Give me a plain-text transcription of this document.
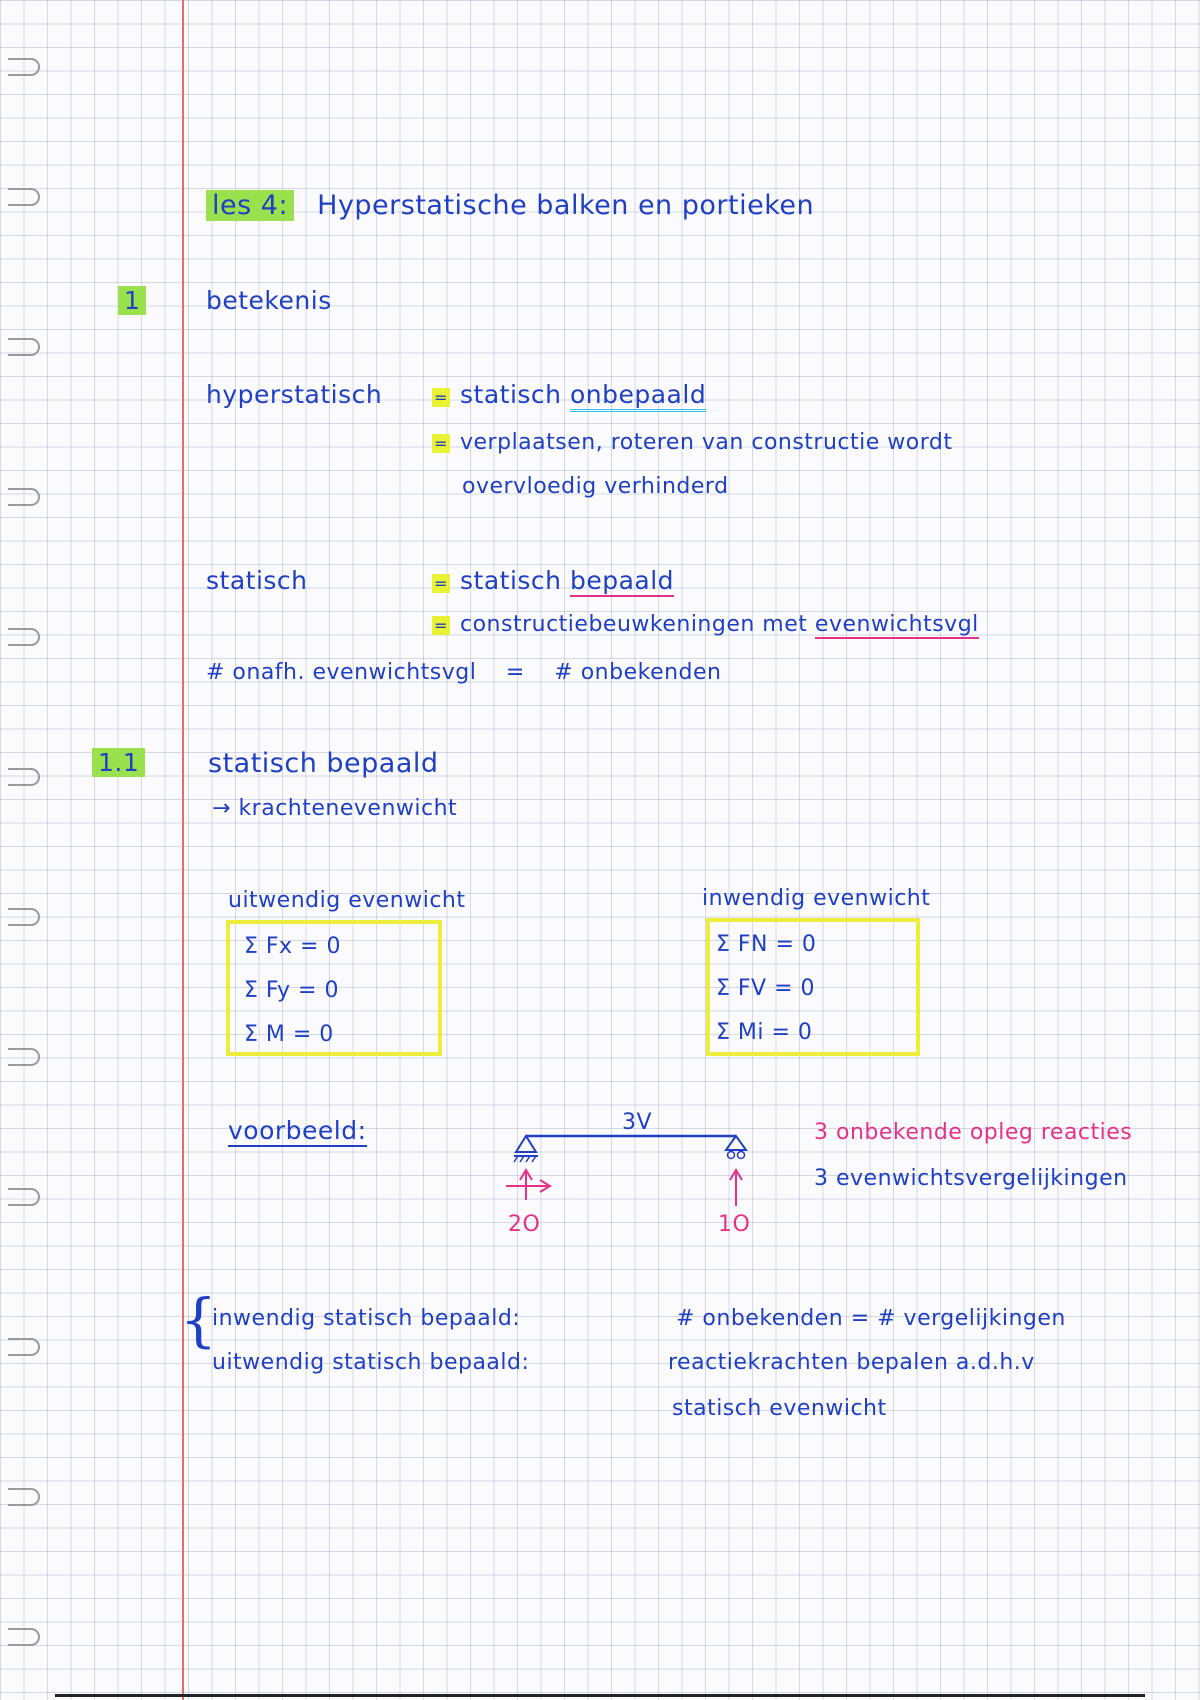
les 4: Hyperstatische balken en portieken
1	betekenis
hyperstatisch	= statisch onbepaald
= verplaatsen, roteren van constructie wordt
overvloedig verhinderd
statisch	= statisch bepaald
= constructiebeuwkeningen met evenwichtsvgl
# onafh. evenwichtsvgl = # onbekenden
1.1	statisch bepaald
→ krachtenevenwicht
uitwendig evenwicht
Σ Fx = 0
Σ Fy = 0
Σ M = 0
inwendig evenwicht
Σ FN = 0
Σ FV = 0
Σ Mi = 0
voorbeeld:	3V
2O	1O
3 onbekende opleg reacties
3 evenwichtsvergelijkingen
{
inwendig statisch bepaald:
uitwendig statisch bepaald:
# onbekenden = # vergelijkingen
reactiekrachten bepalen a.d.h.v
statisch evenwicht
